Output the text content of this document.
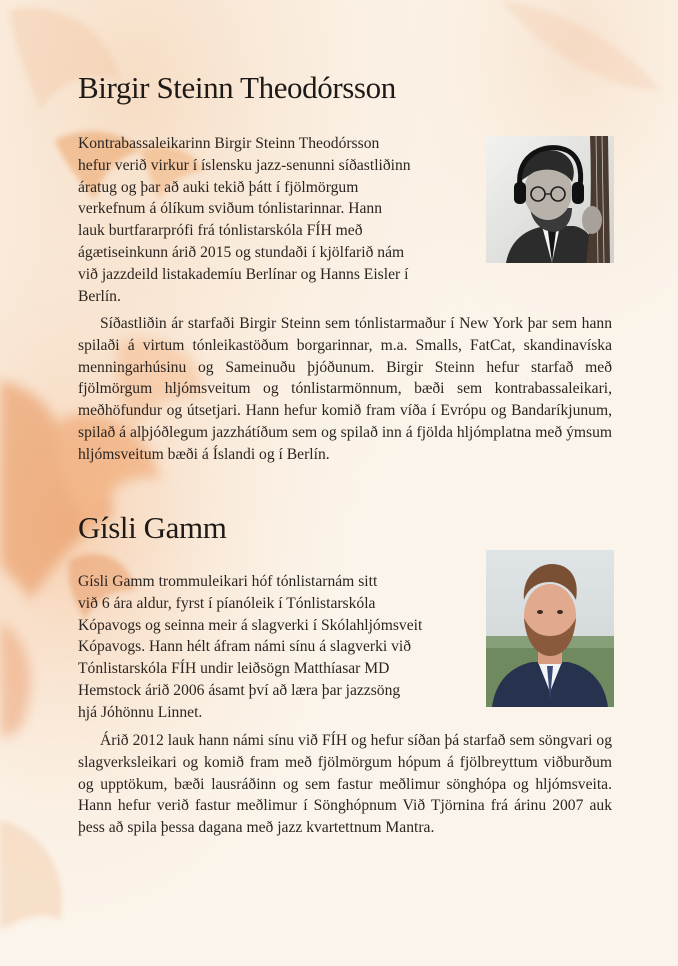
Birgir Steinn Theodórsson

Kontrabassaleikarinn Birgir Steinn Theodórsson
hefur verið virkur í íslensku jazz-senunni síðastliðinn
áratug og þar að auki tekið þátt í fjölmörgum
verkefnum á ólíkum sviðum tónlistarinnar. Hann
lauk burtfararprófi frá tónlistarskóla FÍH með
ágætiseinkunn árið 2015 og stundaði í kjölfarið nám
við jazzdeild listakademíu Berlínar og Hanns Eisler í
Berlín.

Síðastliðin ár starfaði Birgir Steinn sem tónlistarmaður í New York þar sem hann spilaði á virtum tónleikastöðum borgarinnar, m.a. Smalls, FatCat, skandinavíska menningarhúsinu og Sameinuðu þjóðunum. Birgir Steinn hefur starfað með fjölmörgum hljómsveitum og tónlistarmönnum, bæði sem kontrabassaleikari, meðhöfundur og útsetjari. Hann hefur komið fram víða í Evrópu og Bandaríkjunum, spilað á alþjóðlegum jazzhátíðum sem og spilað inn á fjölda hljómplatna með ýmsum hljómsveitum bæði á Íslandi og í Berlín.

Gísli Gamm

Gísli Gamm trommuleikari hóf tónlistarnám sitt
við 6 ára aldur, fyrst í píanóleik í Tónlistarskóla
Kópavogs og seinna meir á slagverki í Skólahljómsveit
Kópavogs. Hann hélt áfram námi sínu á slagverki við
Tónlistarskóla FÍH undir leiðsögn Matthíasar MD
Hemstock árið 2006 ásamt því að læra þar jazzsöng
hjá Jóhönnu Linnet.

Árið 2012 lauk hann námi sínu við FÍH og hefur síðan þá starfað sem söngvari og slagverksleikari og komið fram með fjölmörgum hópum á fjölbreyttum viðburðum og upptökum, bæði lausráðinn og sem fastur meðlimur sönghópa og hljómsveita. Hann hefur verið fastur meðlimur í Sönghópnum Við Tjörnina frá árinu 2007 auk þess að spila þessa dagana með jazz kvartettnum Mantra.
